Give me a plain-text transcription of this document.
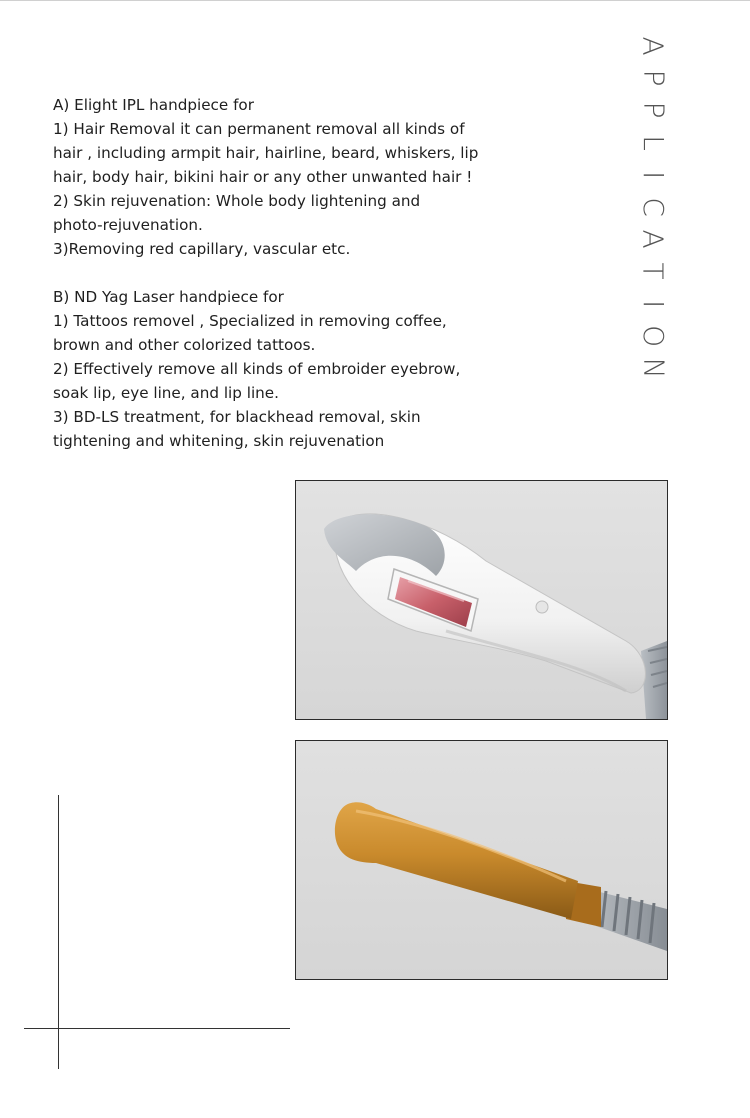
A
P
P
L
I
C
A
T
I
O
N

A) Elight IPL handpiece for

1) Hair Removal it can permanent removal all kinds of

hair , including armpit hair, hairline, beard, whiskers, lip

hair, body hair, bikini hair or any other unwanted hair !

2) Skin rejuvenation: Whole body lightening and

photo-rejuvenation.

3)Removing red capillary, vascular etc.

B) ND Yag Laser handpiece for

1) Tattoos removel , Specialized in removing coffee,

brown and other colorized tattoos.

2) Effectively remove all kinds of embroider eyebrow,

soak lip, eye line, and lip line.

3) BD-LS treatment, for blackhead removal, skin

tightening and whitening, skin rejuvenation
